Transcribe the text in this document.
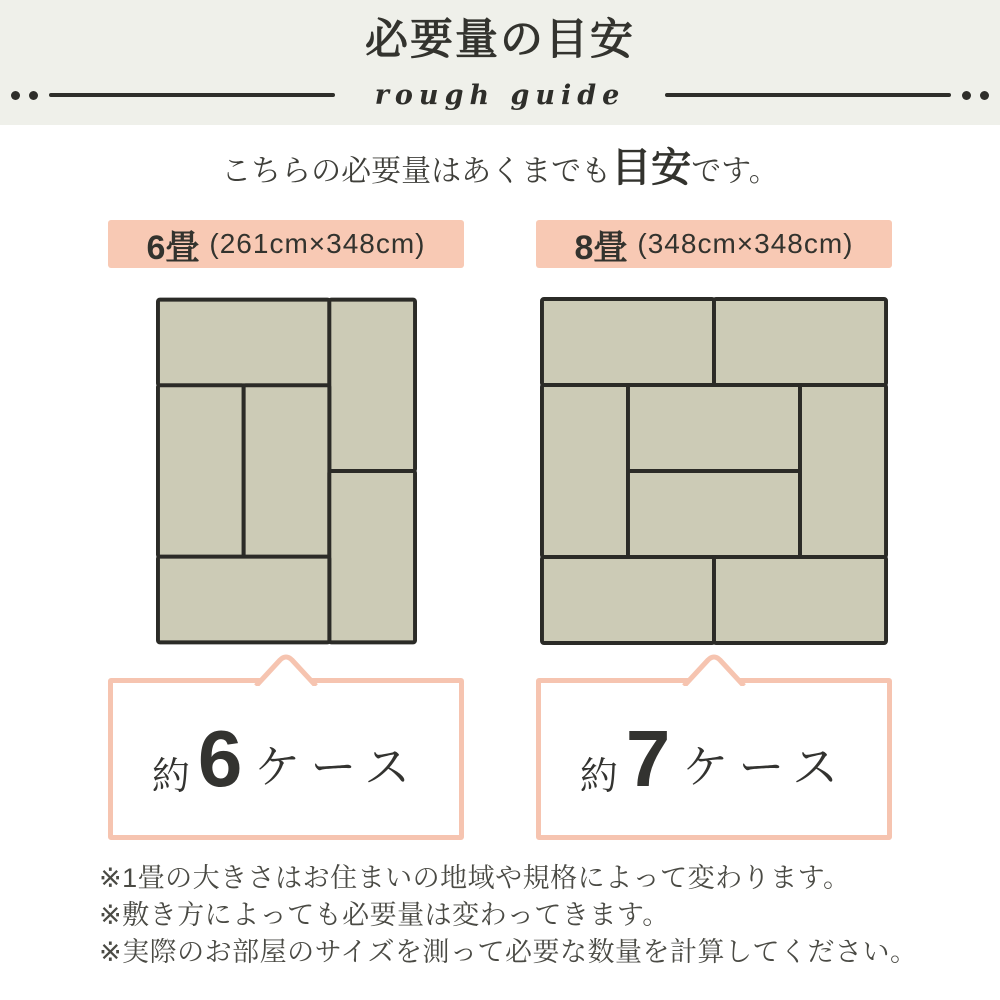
必要量の目安
rough guide
こちらの必要量はあくまでも目安です。
6畳 (261cm×348cm)
約 6 ケース
8畳 (348cm×348cm)
約 7 ケース
※1畳の大きさはお住まいの地域や規格によって変わります。
※敷き方によっても必要量は変わってきます。
※実際のお部屋のサイズを測って必要な数量を計算してください。
